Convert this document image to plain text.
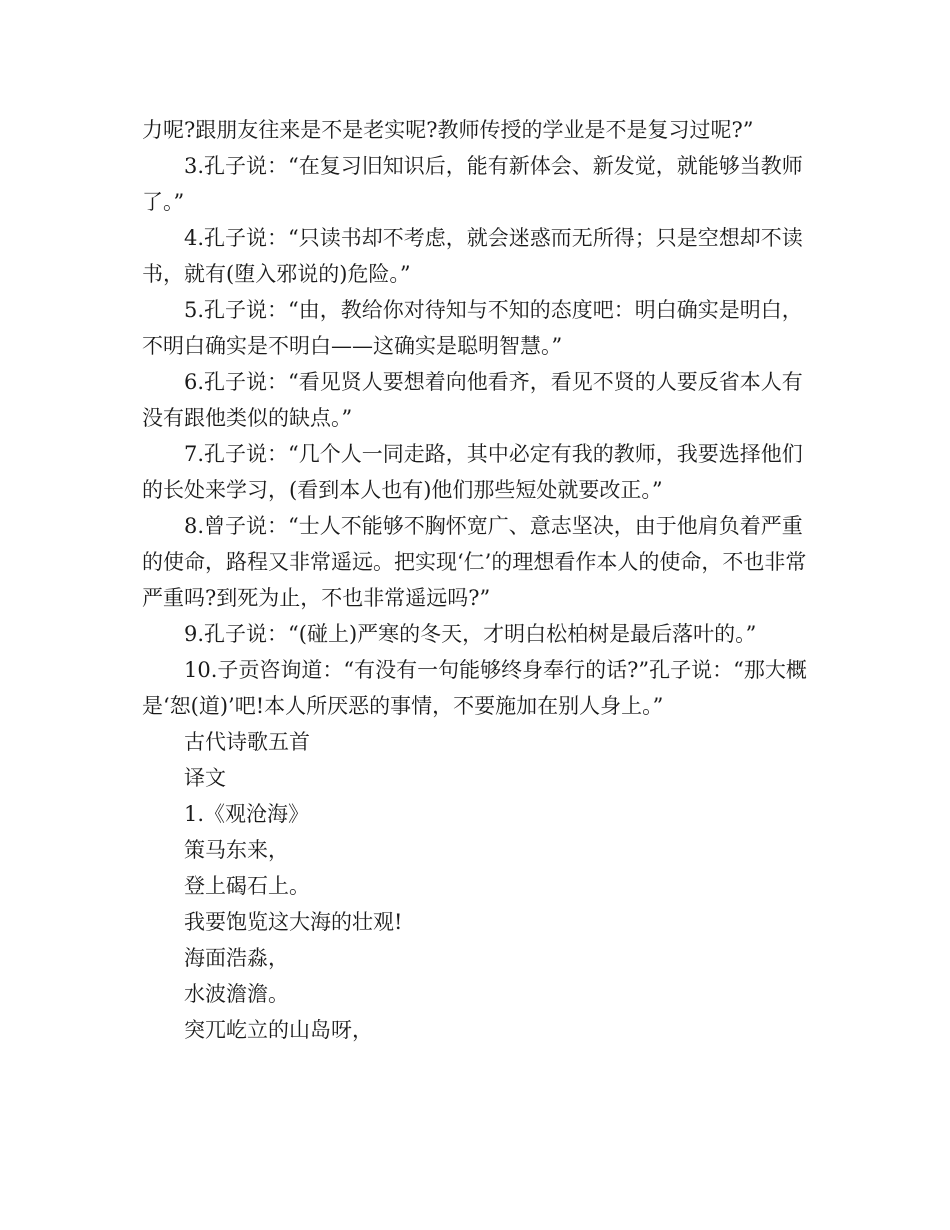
力呢?跟朋友往来是不是老实呢?教师传授的学业是不是复习过呢?”

3.孔子说：“在复习旧知识后，能有新体会、新发觉，就能够当教师了。”

4.孔子说：“只读书却不考虑，就会迷惑而无所得；只是空想却不读书，就有(堕入邪说的)危险。”

5.孔子说：“由，教给你对待知与不知的态度吧：明白确实是明白，不明白确实是不明白——这确实是聪明智慧。”

6.孔子说：“看见贤人要想着向他看齐，看见不贤的人要反省本人有没有跟他类似的缺点。”

7.孔子说：“几个人一同走路，其中必定有我的教师，我要选择他们的长处来学习，(看到本人也有)他们那些短处就要改正。”

8.曾子说：“士人不能够不胸怀宽广、意志坚决，由于他肩负着严重的使命，路程又非常遥远。把实现‘仁’的理想看作本人的使命，不也非常严重吗?到死为止，不也非常遥远吗?”

9.孔子说：“(碰上)严寒的冬天，才明白松柏树是最后落叶的。”

10.子贡咨询道：“有没有一句能够终身奉行的话?”孔子说：“那大概是‘恕(道)’吧!本人所厌恶的事情，不要施加在别人身上。”

古代诗歌五首

译文

1.《观沧海》

策马东来，

登上碣石上。

我要饱览这大海的壮观!

海面浩淼，

水波澹澹。

突兀屹立的山岛呀，
